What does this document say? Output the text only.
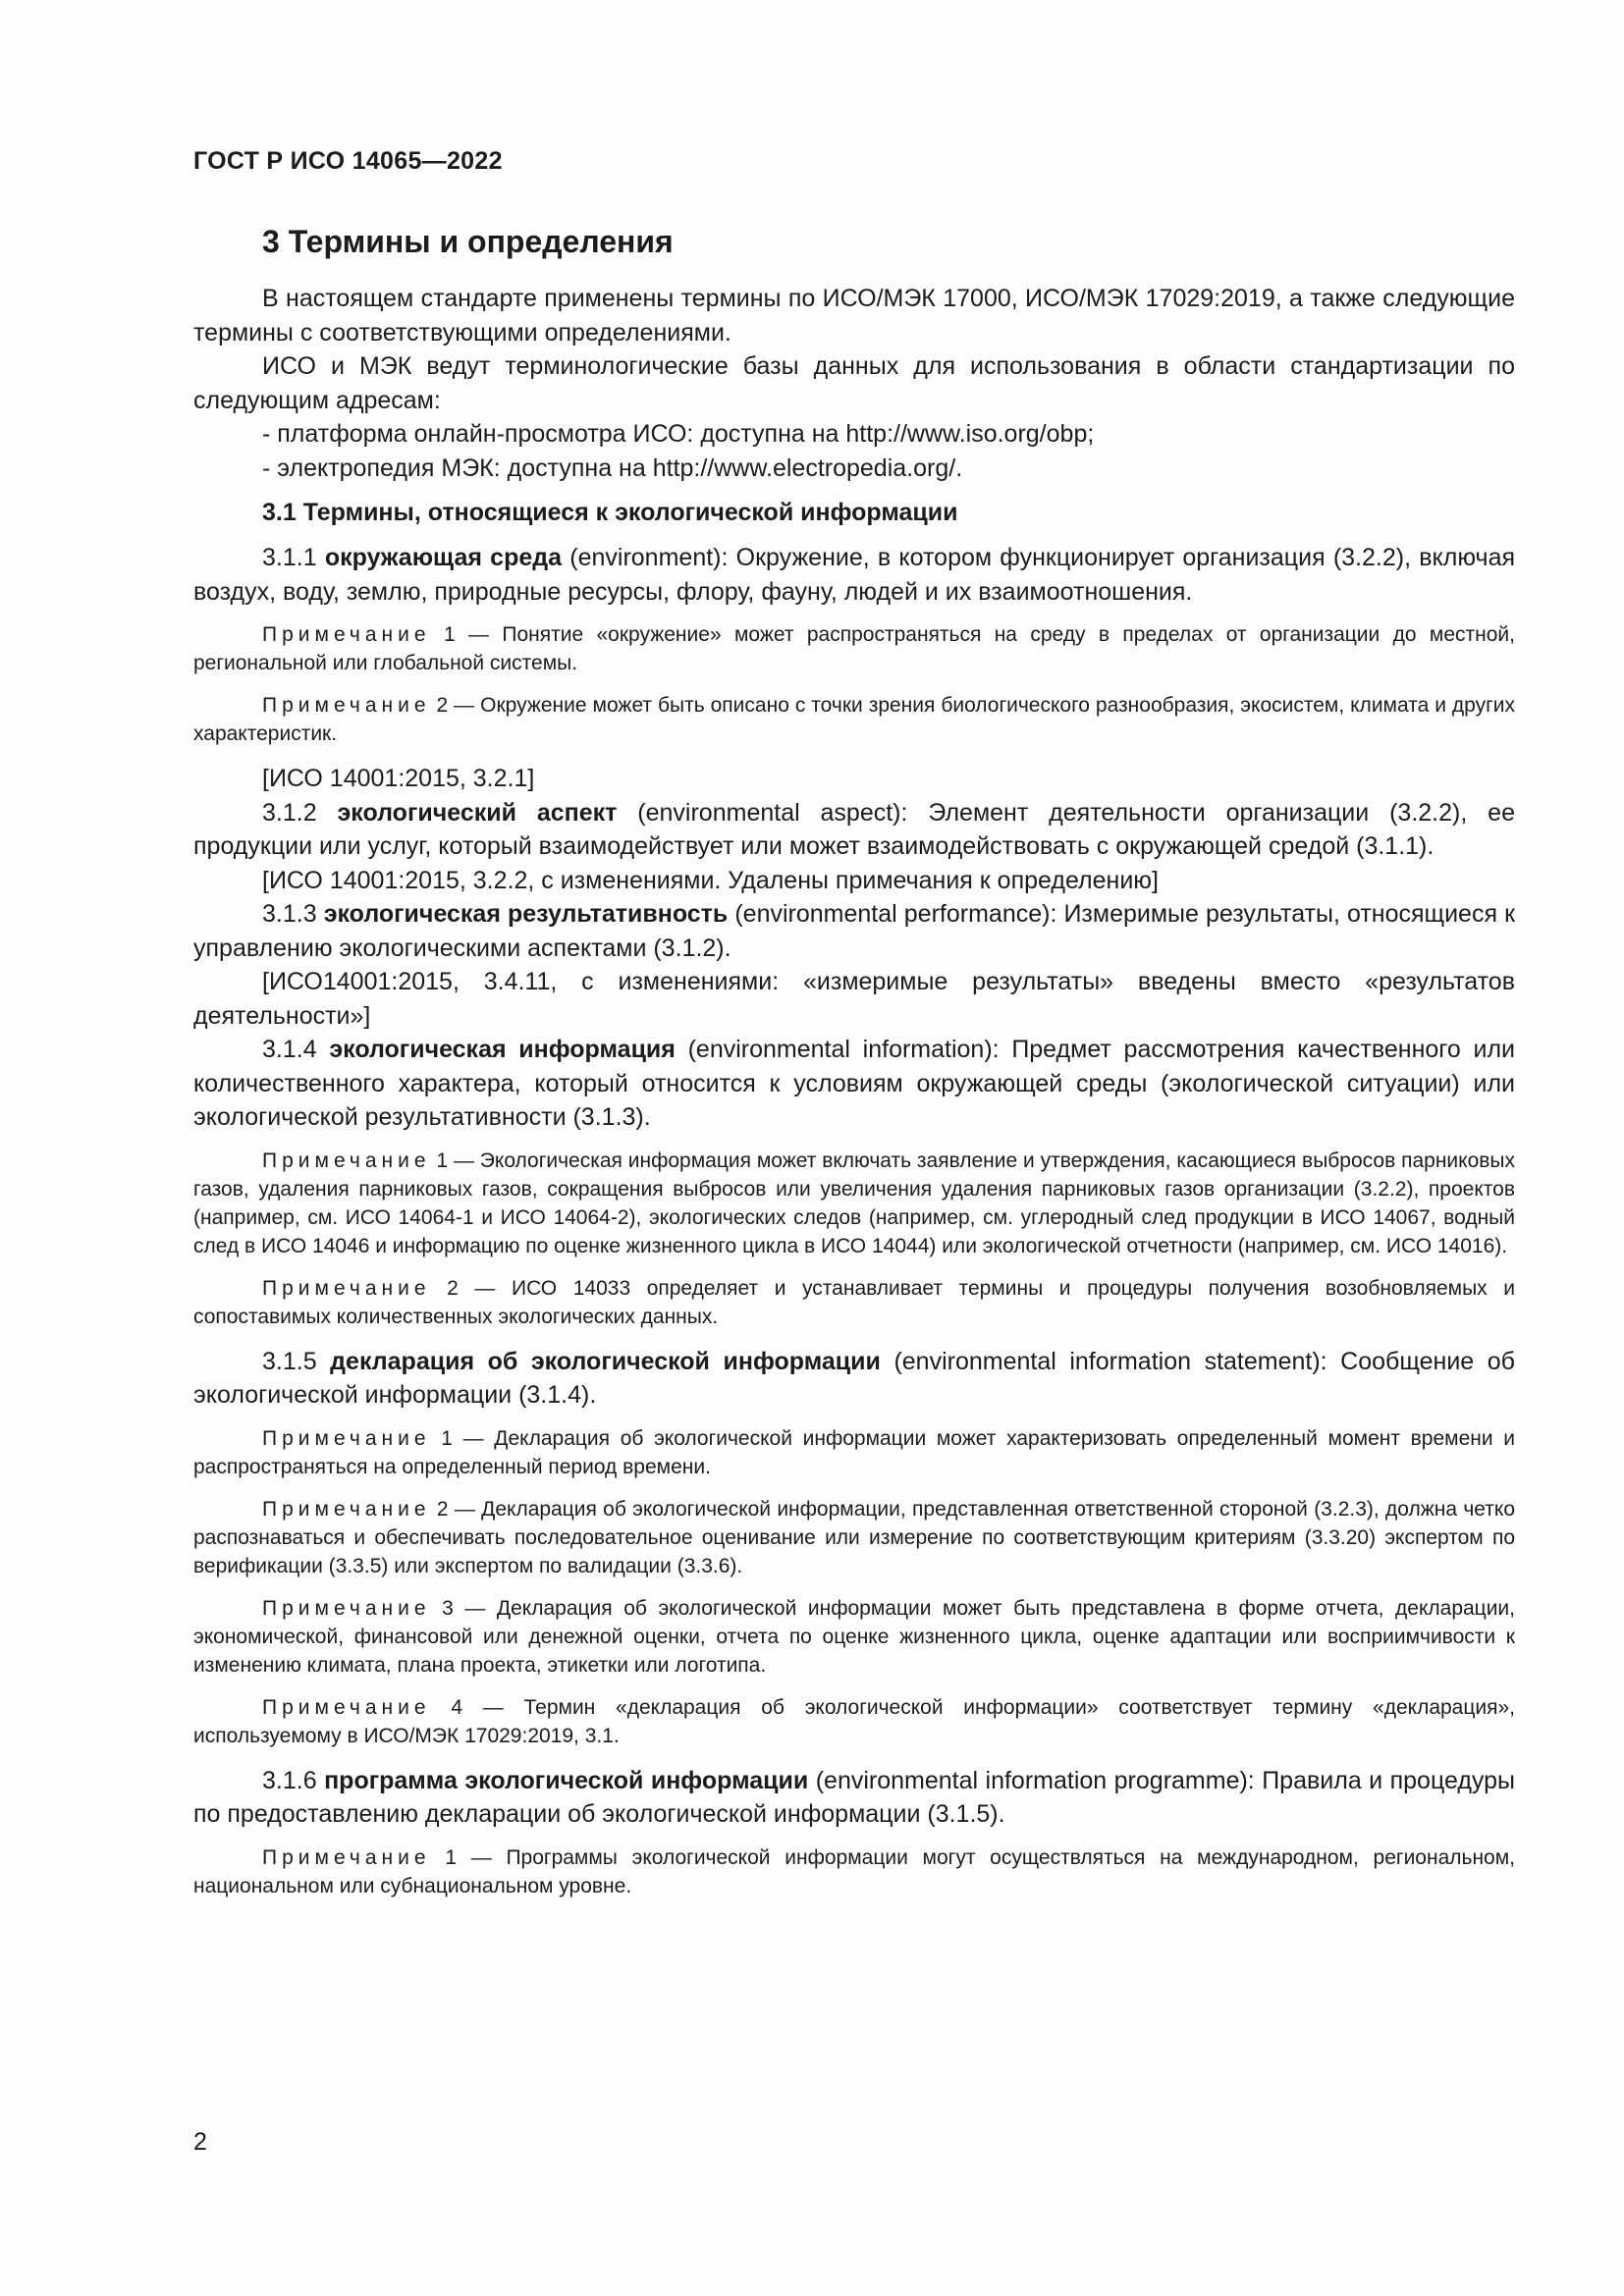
ГОСТ Р ИСО 14065—2022
3 Термины и определения

В настоящем стандарте применены термины по ИСО/МЭК 17000, ИСО/МЭК 17029:2019, а также следующие термины с соответствующими определениями.

ИСО и МЭК ведут терминологические базы данных для использования в области стандартизации по следующим адресам:

- платформа онлайн-просмотра ИСО: доступна на http://www.iso.org/obp;

- электропедия МЭК: доступна на http://www.electropedia.org/.

3.1 Термины, относящиеся к экологической информации

3.1.1 окружающая среда (environment): Окружение, в котором функционирует организация (3.2.2), включая воздух, воду, землю, природные ресурсы, флору, фауну, людей и их взаимоотношения.

Примечание 1 — Понятие «окружение» может распространяться на среду в пределах от организации до местной, региональной или глобальной системы.

Примечание 2 — Окружение может быть описано с точки зрения биологического разнообразия, экосистем, климата и других характеристик.

[ИСО 14001:2015, 3.2.1]

3.1.2 экологический аспект (environmental aspect): Элемент деятельности организации (3.2.2), ее продукции или услуг, который взаимодействует или может взаимодействовать с окружающей средой (3.1.1).

[ИСО 14001:2015, 3.2.2, с изменениями. Удалены примечания к определению]

3.1.3 экологическая результативность (environmental performance): Измеримые результаты, относящиеся к управлению экологическими аспектами (3.1.2).

[ИСО14001:2015, 3.4.11, с изменениями: «измеримые результаты» введены вместо «результатов деятельности»]

3.1.4 экологическая информация (environmental information): Предмет рассмотрения качественного или количественного характера, который относится к условиям окружающей среды (экологической ситуации) или экологической результативности (3.1.3).

Примечание 1 — Экологическая информация может включать заявление и утверждения, касающиеся выбросов парниковых газов, удаления парниковых газов, сокращения выбросов или увеличения удаления парниковых газов организации (3.2.2), проектов (например, см. ИСО 14064-1 и ИСО 14064-2), экологических следов (например, см. углеродный след продукции в ИСО 14067, водный след в ИСО 14046 и информацию по оценке жизненного цикла в ИСО 14044) или экологической отчетности (например, см. ИСО 14016).

Примечание 2 — ИСО 14033 определяет и устанавливает термины и процедуры получения возобновляемых и сопоставимых количественных экологических данных.

3.1.5 декларация об экологической информации (environmental information statement): Сообщение об экологической информации (3.1.4).

Примечание 1 — Декларация об экологической информации может характеризовать определенный момент времени и распространяться на определенный период времени.

Примечание 2 — Декларация об экологической информации, представленная ответственной стороной (3.2.3), должна четко распознаваться и обеспечивать последовательное оценивание или измерение по соответствующим критериям (3.3.20) экспертом по верификации (3.3.5) или экспертом по валидации (3.3.6).

Примечание 3 — Декларация об экологической информации может быть представлена в форме отчета, декларации, экономической, финансовой или денежной оценки, отчета по оценке жизненного цикла, оценке адаптации или восприимчивости к изменению климата, плана проекта, этикетки или логотипа.

Примечание 4 — Термин «декларация об экологической информации» соответствует термину «декларация», используемому в ИСО/МЭК 17029:2019, 3.1.

3.1.6 программа экологической информации (environmental information programme): Правила и процедуры по предоставлению декларации об экологической информации (3.1.5).

Примечание 1 — Программы экологической информации могут осуществляться на международном, региональном, национальном или субнациональном уровне.

2
